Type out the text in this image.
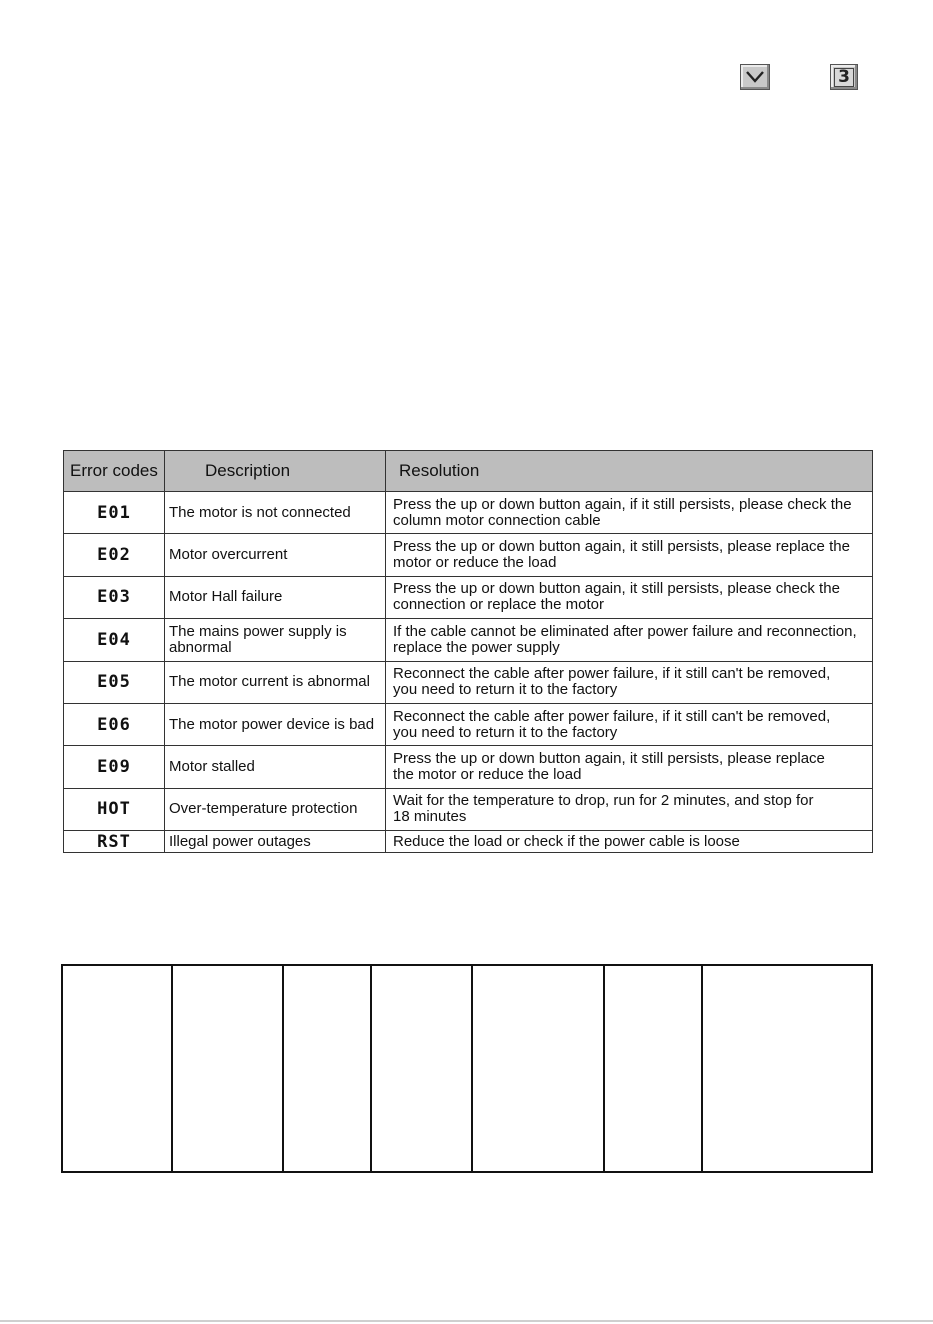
3
Error codes	Description	Resolution
E01	The motor is not connected	Press the up or down button again, if it still persists, please check the
column motor connection cable

E02	Motor overcurrent	Press the up or down button again, it still persists, please replace the
motor or reduce the load

E03	Motor Hall failure	Press the up or down button again, it still persists, please check the
connection or replace the motor

E04	The mains power supply is abnormal	If the cable cannot be eliminated after power failure and reconnection,
replace the power supply

E05	The motor current is abnormal	Reconnect the cable after power failure, if it still can't be removed,
you need to return it to the factory

E06	The motor power device is bad	Reconnect the cable after power failure, if it still can't be removed,
you need to return it to the factory

E09	Motor stalled	Press the up or down button again, it still persists, please replace
the motor or reduce the load

HOT	Over-temperature protection	Wait for the temperature to drop, run for 2 minutes, and stop for
18 minutes

RST	Illegal power outages	Reduce the load or check if the power cable is loose
